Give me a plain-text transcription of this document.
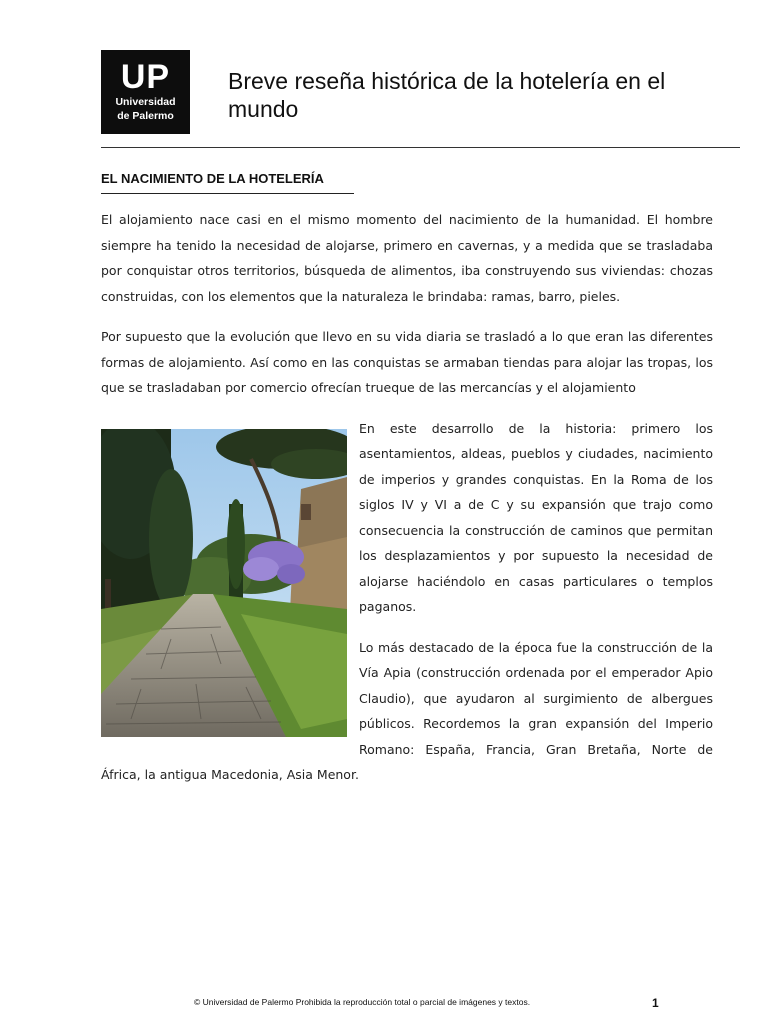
UP
Universidad
de Palermo
Breve reseña histórica de la hotelería en el mundo
EL NACIMIENTO DE LA HOTELERÍA

El alojamiento nace casi en el mismo momento del nacimiento de la humanidad. El hombre siempre ha tenido la necesidad de alojarse, primero en cavernas, y a medida que se trasladaba por conquistar otros territorios, búsqueda de alimentos, iba construyendo sus viviendas: chozas construidas, con los elementos que la naturaleza le brindaba: ramas, barro, pieles.

Por supuesto que la evolución que llevo en su vida diaria se trasladó a lo que eran las diferentes formas de alojamiento. Así como en las conquistas se armaban tiendas para alojar las tropas, los que se trasladaban por comercio ofrecían trueque de las mercancías y el alojamiento

En este desarrollo de la historia: primero los asentamientos, aldeas, pueblos y ciudades, nacimiento de imperios y grandes conquistas. En la Roma de los siglos IV y VI a de C y su expansión que trajo como consecuencia la construcción de caminos que permitan los desplazamientos y por supuesto la necesidad de alojarse haciéndolo en casas particulares o templos paganos.

Lo más destacado de la época fue la construcción de la Vía Apia (construcción ordenada por el emperador Apio Claudio), que ayudaron al surgimiento de albergues públicos. Recordemos la gran expansión del Imperio Romano: España, Francia, Gran Bretaña, Norte de África, la antigua Macedonia, Asia Menor.

© Universidad de Palermo Prohibida la reproducción total o parcial de imágenes y textos.	1
